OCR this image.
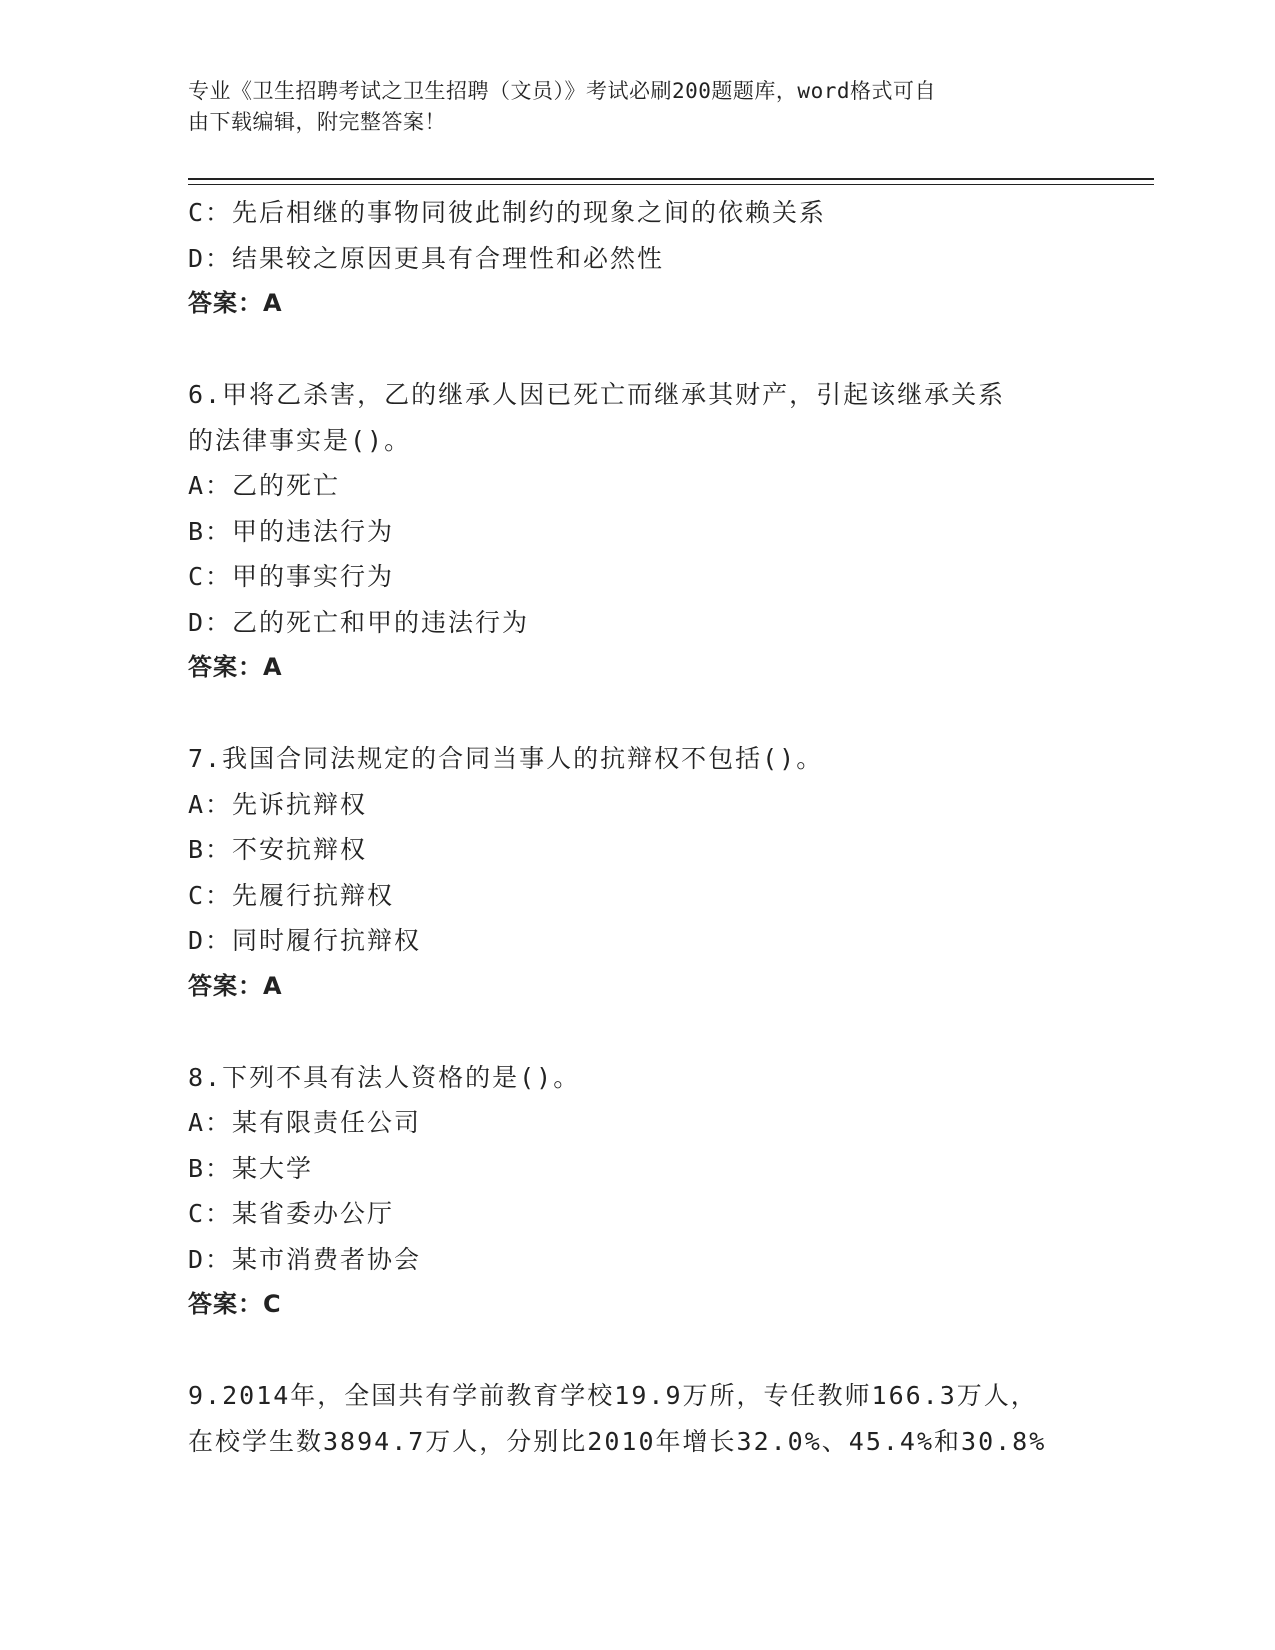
专业《卫生招聘考试之卫生招聘（文员）》考试必刷200题题库，word格式可自
由下载编辑，附完整答案！
C：先后相继的事物同彼此制约的现象之间的依赖关系
D：结果较之原因更具有合理性和必然性
答案：A
6.甲将乙杀害，乙的继承人因已死亡而继承其财产，引起该继承关系
的法律事实是()。
A：乙的死亡
B：甲的违法行为
C：甲的事实行为
D：乙的死亡和甲的违法行为
答案：A
7.我国合同法规定的合同当事人的抗辩权不包括()。
A：先诉抗辩权
B：不安抗辩权
C：先履行抗辩权
D：同时履行抗辩权
答案：A
8.下列不具有法人资格的是()。
A：某有限责任公司
B：某大学
C：某省委办公厅
D：某市消费者协会
答案：C
9.2014年，全国共有学前教育学校19.9万所，专任教师166.3万人，
在校学生数3894.7万人，分别比2010年增长32.0%、45.4%和30.8%
